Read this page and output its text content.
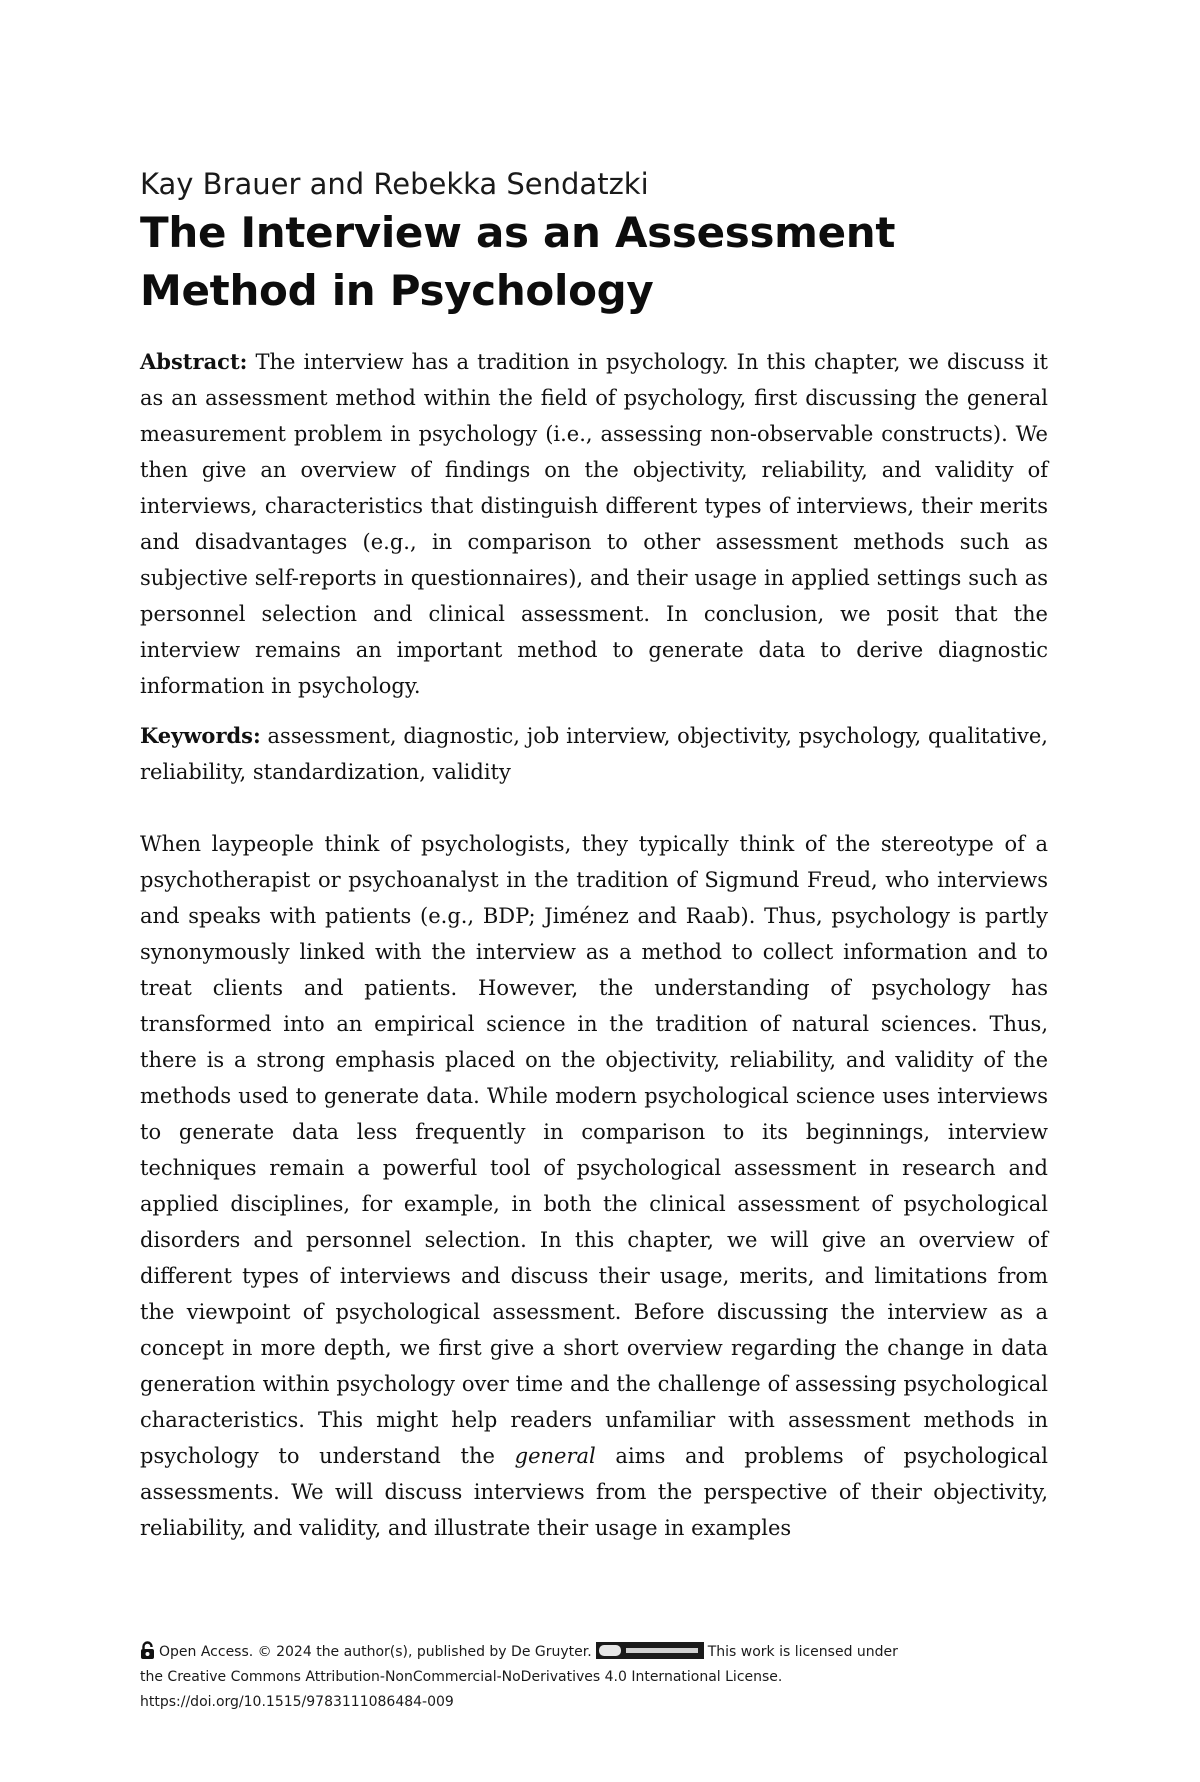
Kay Brauer and Rebekka Sendatzki
The Interview as an Assessment Method in Psychology

Abstract: The interview has a tradition in psychology. In this chapter, we discuss it as an assessment method within the field of psychology, first discussing the general measurement problem in psychology (i.e., assessing non-observable constructs). We then give an overview of findings on the objectivity, reliability, and validity of interviews, characteristics that distinguish different types of interviews, their merits and disadvantages (e.g., in comparison to other assessment methods such as subjective self-reports in questionnaires), and their usage in applied settings such as personnel selection and clinical assessment. In conclusion, we posit that the interview remains an important method to generate data to derive diagnostic information in psychology.

Keywords: assessment, diagnostic, job interview, objectivity, psychology, qualitative, reliability, standardization, validity

When laypeople think of psychologists, they typically think of the stereotype of a psychotherapist or psychoanalyst in the tradition of Sigmund Freud, who interviews and speaks with patients (e.g., BDP; Jiménez and Raab). Thus, psychology is partly synonymously linked with the interview as a method to collect information and to treat clients and patients. However, the understanding of psychology has transformed into an empirical science in the tradition of natural sciences. Thus, there is a strong emphasis placed on the objectivity, reliability, and validity of the methods used to generate data. While modern psychological science uses interviews to generate data less frequently in comparison to its beginnings, interview techniques remain a powerful tool of psychological assessment in research and applied disciplines, for example, in both the clinical assessment of psychological disorders and personnel selection. In this chapter, we will give an overview of different types of interviews and discuss their usage, merits, and limitations from the viewpoint of psychological assessment. Before discussing the interview as a concept in more depth, we first give a short overview regarding the change in data generation within psychology over time and the challenge of assessing psychological characteristics. This might help readers unfamiliar with assessment methods in psychology to understand the general aims and problems of psychological assessments. We will discuss interviews from the perspective of their objectivity, reliability, and validity, and illustrate their usage in examples

Open Access. © 2024 the author(s), published by De Gruyter.	This work is licensed under
the Creative Commons Attribution-NonCommercial-NoDerivatives 4.0 International License.
https://doi.org/10.1515/9783111086484-009
